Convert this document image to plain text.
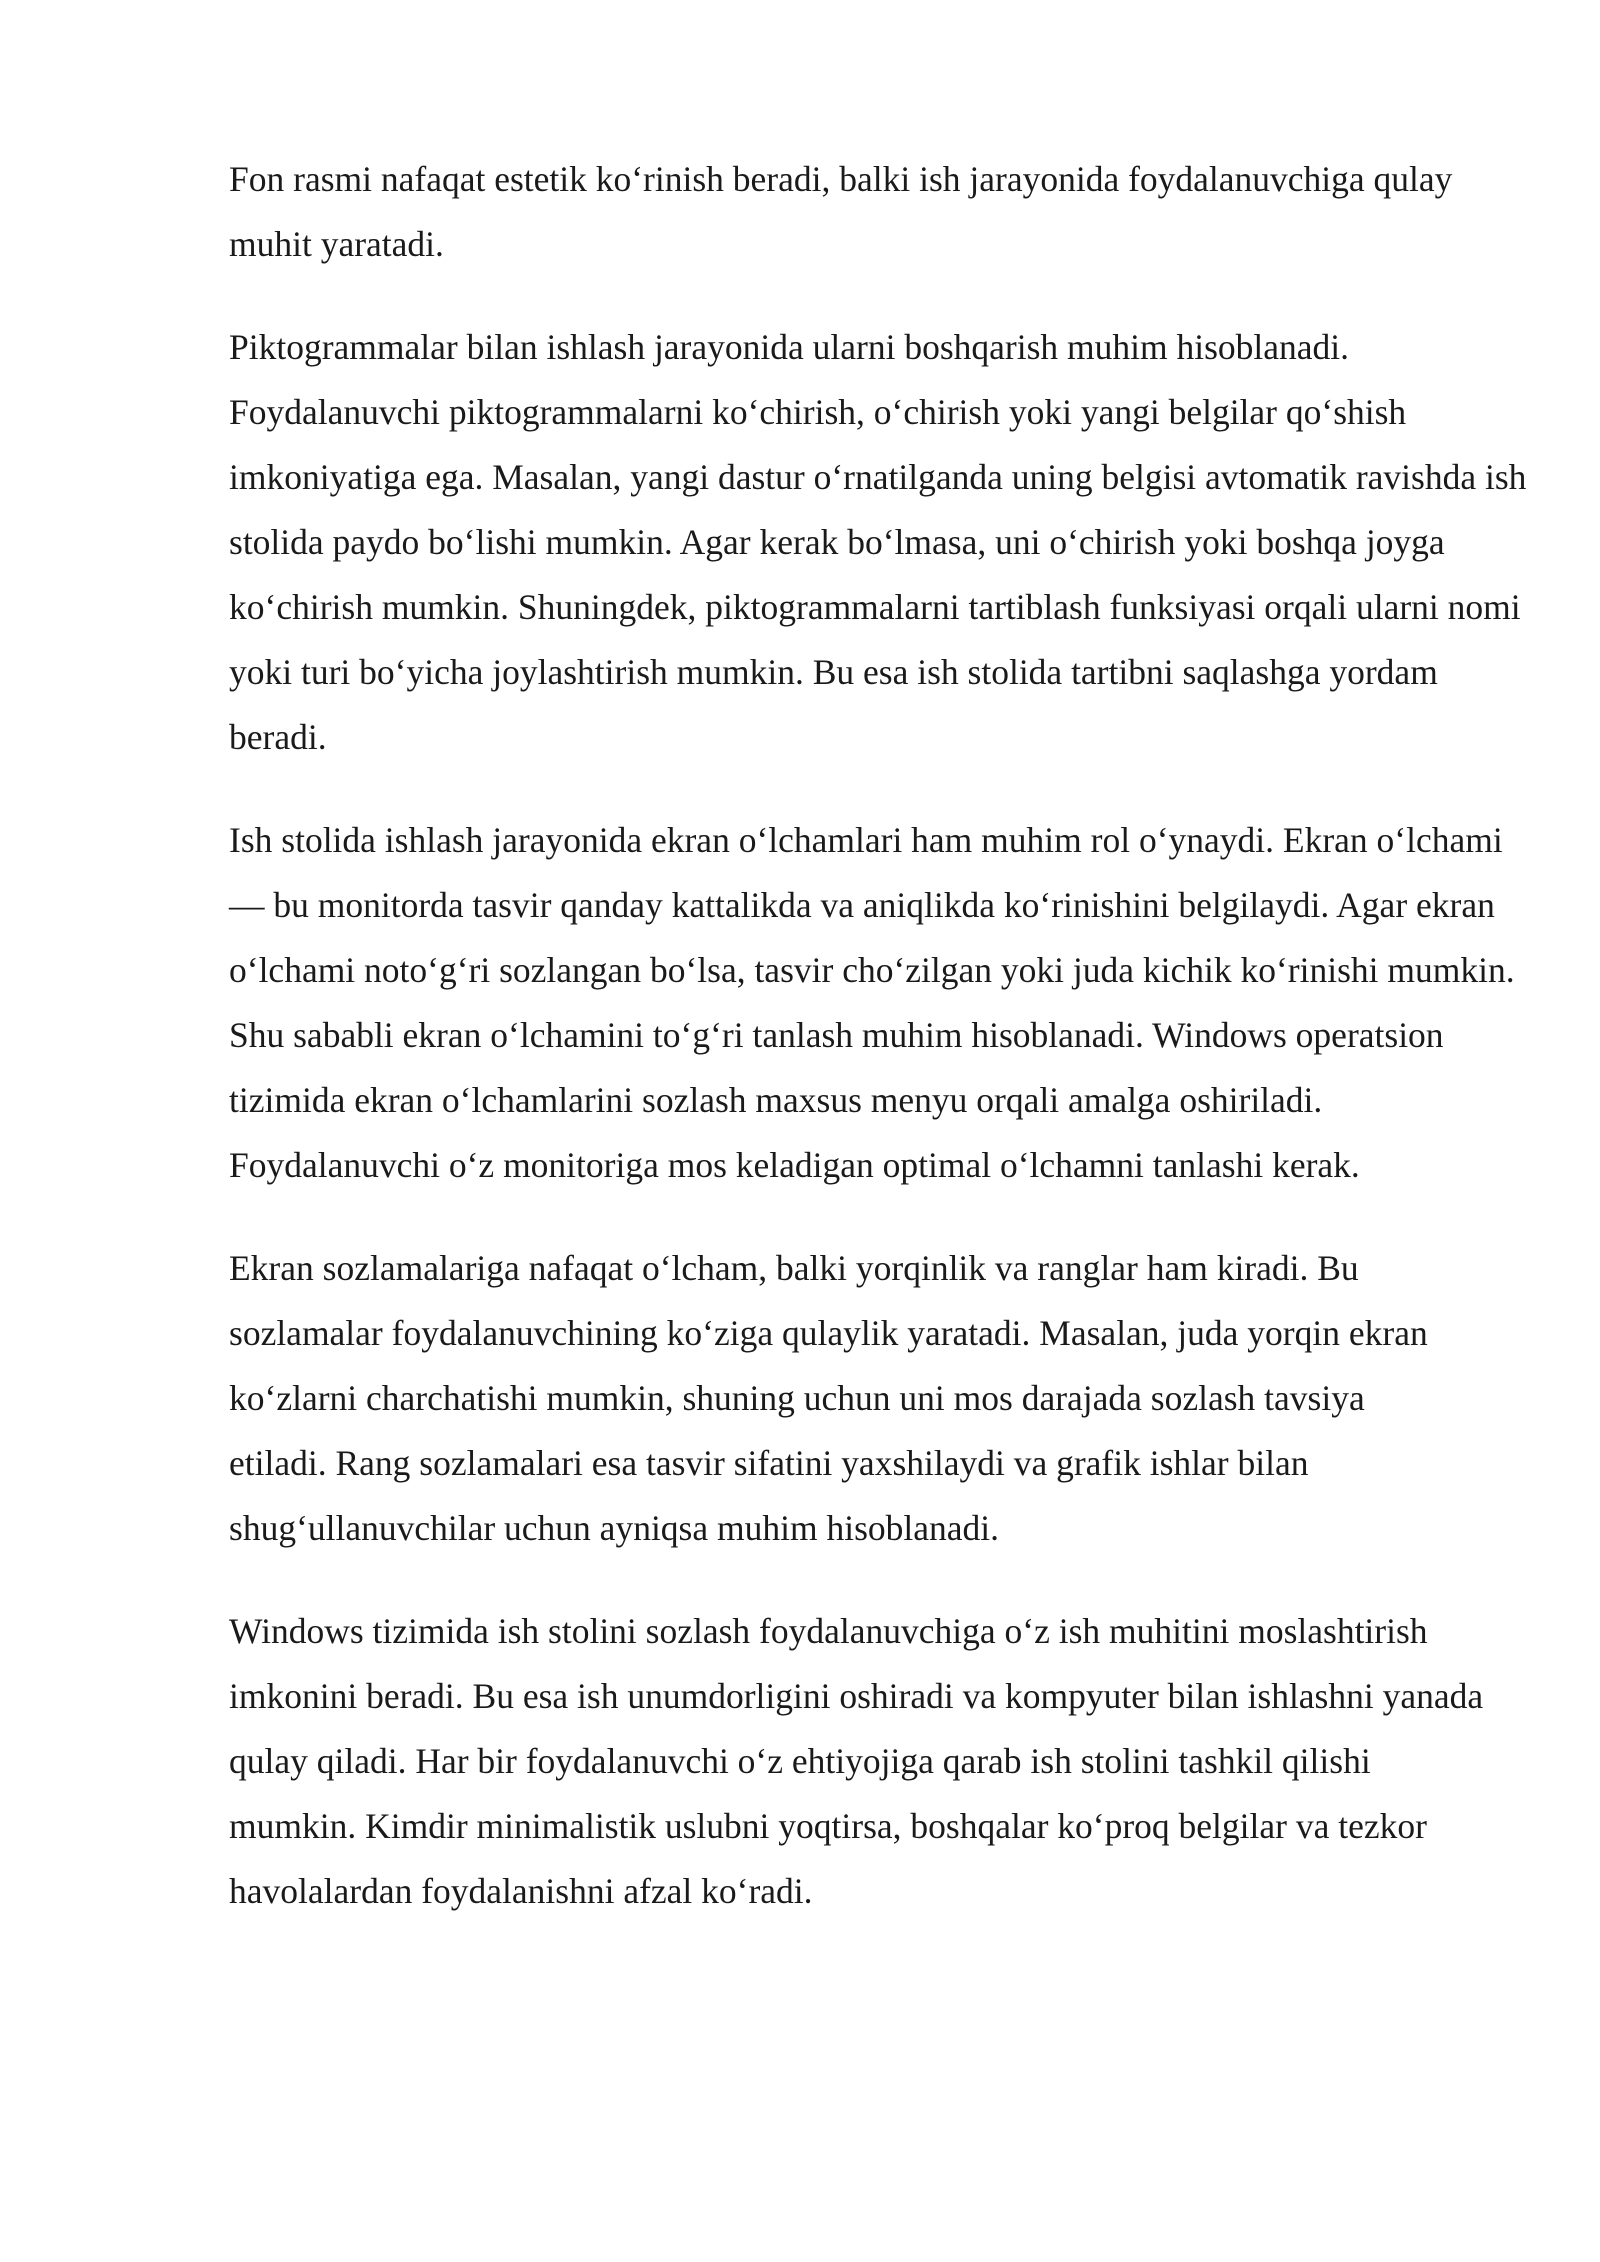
Fon rasmi nafaqat estetik ko‘rinish beradi, balki ish jarayonida foydalanuvchiga qulay muhit yaratadi.

Piktogrammalar bilan ishlash jarayonida ularni boshqarish muhim hisoblanadi. Foydalanuvchi piktogrammalarni ko‘chirish, o‘chirish yoki yangi belgilar qo‘shish imkoniyatiga ega. Masalan, yangi dastur o‘rnatilganda uning belgisi avtomatik ravishda ish stolida paydo bo‘lishi mumkin. Agar kerak bo‘lmasa, uni o‘chirish yoki boshqa joyga ko‘chirish mumkin. Shuningdek, piktogrammalarni tartiblash funksiyasi orqali ularni nomi yoki turi bo‘yicha joylashtirish mumkin. Bu esa ish stolida tartibni saqlashga yordam beradi.

Ish stolida ishlash jarayonida ekran o‘lchamlari ham muhim rol o‘ynaydi. Ekran o‘lchami — bu monitorda tasvir qanday kattalikda va aniqlikda ko‘rinishini belgilaydi. Agar ekran o‘lchami noto‘g‘ri sozlangan bo‘lsa, tasvir cho‘zilgan yoki juda kichik ko‘rinishi mumkin. Shu sababli ekran o‘lchamini to‘g‘ri tanlash muhim hisoblanadi. Windows operatsion tizimida ekran o‘lchamlarini sozlash maxsus menyu orqali amalga oshiriladi. Foydalanuvchi o‘z monitoriga mos keladigan optimal o‘lchamni tanlashi kerak.

Ekran sozlamalariga nafaqat o‘lcham, balki yorqinlik va ranglar ham kiradi. Bu sozlamalar foydalanuvchining ko‘ziga qulaylik yaratadi. Masalan, juda yorqin ekran ko‘zlarni charchatishi mumkin, shuning uchun uni mos darajada sozlash tavsiya etiladi. Rang sozlamalari esa tasvir sifatini yaxshilaydi va grafik ishlar bilan shug‘ullanuvchilar uchun ayniqsa muhim hisoblanadi.

Windows tizimida ish stolini sozlash foydalanuvchiga o‘z ish muhitini moslashtirish imkonini beradi. Bu esa ish unumdorligini oshiradi va kompyuter bilan ishlashni yanada qulay qiladi. Har bir foydalanuvchi o‘z ehtiyojiga qarab ish stolini tashkil qilishi mumkin. Kimdir minimalistik uslubni yoqtirsa, boshqalar ko‘proq belgilar va tezkor havolalardan foydalanishni afzal ko‘radi.
